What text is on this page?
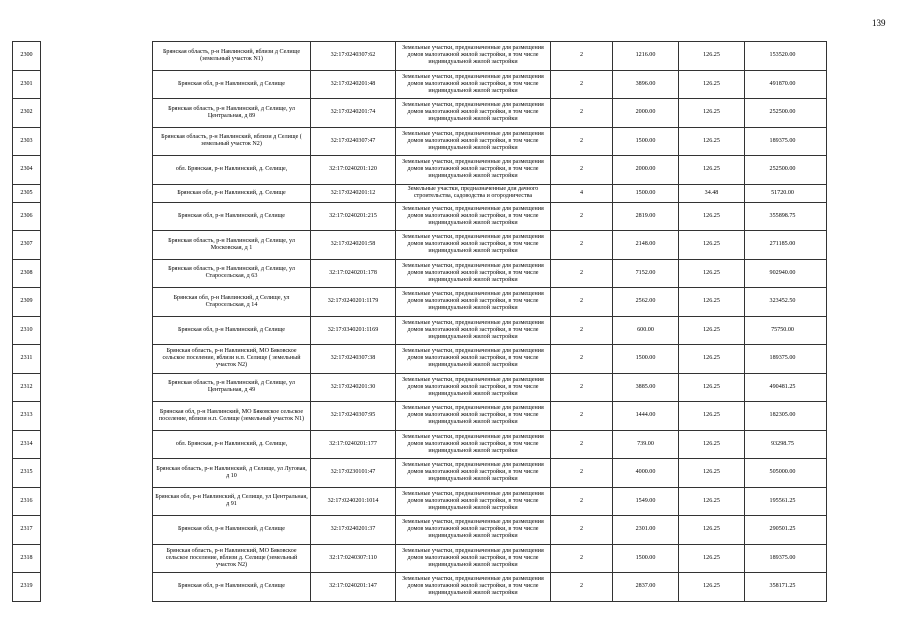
139
2300		Брянская область, р-н Навлинский, вблизи д Селище (земельный участок N1)	32:17:0240307:62	Земельные участки, предназначенные для размещения домов малоэтажной жилой застройки, в том числе индивидуальной жилой застройки	2	1216.00	126.25	153520.00
2301		Брянская обл, р-н Навлинский, д Селище	32:17:0240201:48	Земельные участки, предназначенные для размещения домов малоэтажной жилой застройки, в том числе индивидуальной жилой застройки	2	3896.00	126.25	491870.00
2302		Брянская область, р-н Навлинский, д Селище, ул Центральная, д 89	32:17:0240201:74	Земельные участки, предназначенные для размещения домов малоэтажной жилой застройки, в том числе индивидуальной жилой застройки	2	2000.00	126.25	252500.00
2303		Брянская область, р-н Навлинский, вблизи д Селище ( земельный участок N2)	32:17:0240307:47	Земельные участки, предназначенные для размещения домов малоэтажной жилой застройки, в том числе индивидуальной жилой застройки	2	1500.00	126.25	189375.00
2304		обл. Брянская, р-н Навлинский, д. Селище,	32:17:0240201:120	Земельные участки, предназначенные для размещения домов малоэтажной жилой застройки, в том числе индивидуальной жилой застройки	2	2000.00	126.25	252500.00
2305		Брянская обл, р-н Навлинский, д. Селище	32:17:0240201:12	Земельные участки, предназначенные для дачного строительства, садоводства и огородничества	4	1500.00	34.48	51720.00
2306		Брянская обл, р-н Навлинский, д Селище	32:17:0240201:215	Земельные участки, предназначенные для размещения домов малоэтажной жилой застройки, в том числе индивидуальной жилой застройки	2	2819.00	126.25	355898.75
2307		Брянская область, р-н Навлинский, д Селище, ул Московская, д 1	32:17:0240201:58	Земельные участки, предназначенные для размещения домов малоэтажной жилой застройки, в том числе индивидуальной жилой застройки	2	2148.00	126.25	271185.00
2308		Брянская область, р-н Навлинский, д Селище, ул Старосельская, д 63	32:17:0240201:178	Земельные участки, предназначенные для размещения домов малоэтажной жилой застройки, в том числе индивидуальной жилой застройки	2	7152.00	126.25	902940.00
2309		Брянская обл, р-н Навлинский, д Селище, ул Старосельская, д 14	32:17:0240201:1179	Земельные участки, предназначенные для размещения домов малоэтажной жилой застройки, в том числе индивидуальной жилой застройки	2	2562.00	126.25	323452.50
2310		Брянская обл, р-н Навлинский, д Селище	32:17:0340201:1169	Земельные участки, предназначенные для размещения домов малоэтажной жилой застройки, в том числе индивидуальной жилой застройки	2	600.00	126.25	75750.00
2311		Брянская область, р-н Навлинский, МО Бяковское сельское поселение, вблизи н.п. Селище ( земельный участок N2)	32:17:0240307:38	Земельные участки, предназначенные для размещения домов малоэтажной жилой застройки, в том числе индивидуальной жилой застройки	2	1500.00	126.25	189375.00
2312		Брянская область, р-н Навлинский, д Селище, ул Центральная, д 49	32:17:0240201:30	Земельные участки, предназначенные для размещения домов малоэтажной жилой застройки, в том числе индивидуальной жилой застройки	2	3885.00	126.25	490481.25
2313		Брянская обл, р-н Навлинский, МО Бяковское сельское поселение, вблизи н.п. Селище (земельный участок N1)	32:17:0240307:95	Земельные участки, предназначенные для размещения домов малоэтажной жилой застройки, в том числе индивидуальной жилой застройки	2	1444.00	126.25	182305.00
2314		обл. Брянская, р-н Навлинский, д. Селище,	32:17:0240201:177	Земельные участки, предназначенные для размещения домов малоэтажной жилой застройки, в том числе индивидуальной жилой застройки	2	739.00	126.25	93298.75
2315		Брянская область, р-н Навлинский, д Селище, ул Луговая, д 10	32:17:0230101:47	Земельные участки, предназначенные для размещения домов малоэтажной жилой застройки, в том числе индивидуальной жилой застройки	2	4000.00	126.25	505000.00
2316		Брянская обл, р-н Навлинский, д Селище, ул Центральная, д 91	32:17:0240201:1014	Земельные участки, предназначенные для размещения домов малоэтажной жилой застройки, в том числе индивидуальной жилой застройки	2	1549.00	126.25	195561.25
2317		Брянская обл, р-н Навлинский, д Селище	32:17:0240201:37	Земельные участки, предназначенные для размещения домов малоэтажной жилой застройки, в том числе индивидуальной жилой застройки	2	2301.00	126.25	290501.25
2318		Брянская область, р-н Навлинский, МО Бяковское сельское поселение, вблизи д. Селище (земельный участок N2)	32:17:0240307:110	Земельные участки, предназначенные для размещения домов малоэтажной жилой застройки, в том числе индивидуальной жилой застройки	2	1500.00	126.25	189375.00
2319		Брянская обл, р-н Навлинский, д Селище	32:17:0240201:147	Земельные участки, предназначенные для размещения домов малоэтажной жилой застройки, в том числе индивидуальной жилой застройки	2	2837.00	126.25	358171.25
